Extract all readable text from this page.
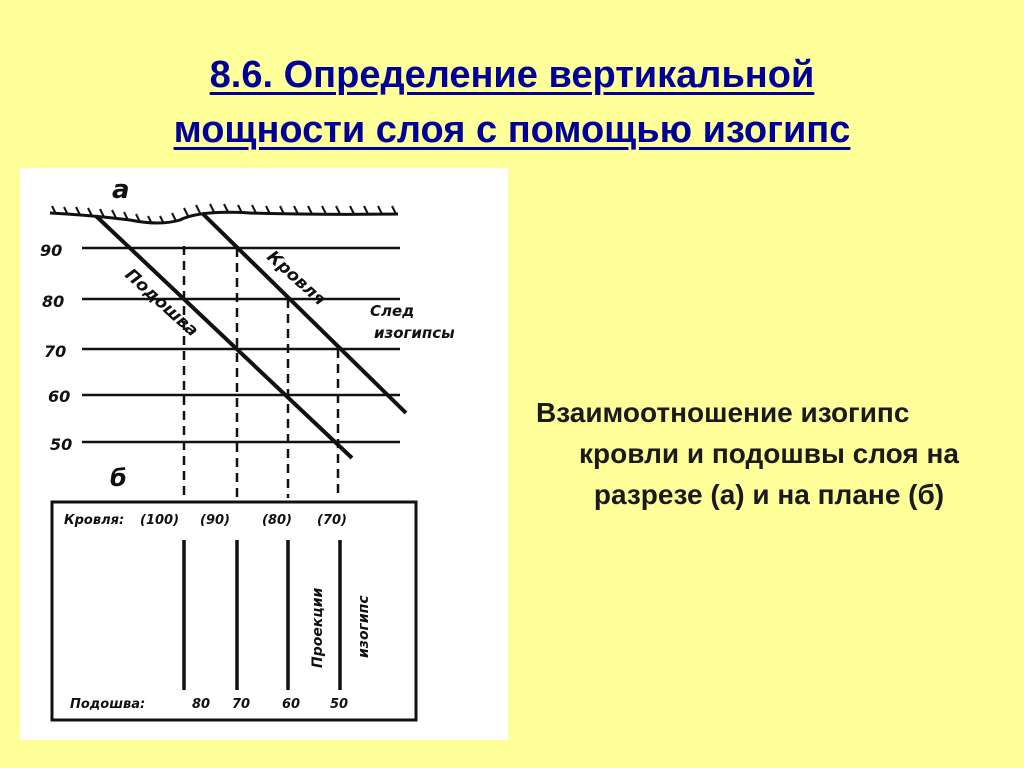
8.6. Определение вертикальной
мощности слоя с помощью изогипс
а
90
80
70
60
50
Кровля
Подошва	След
изогипсы
б
Кровля: (100) (90) (80) (70)
Проекции изогипс
Подошва:	80 70 60 50
Взаимоотношение изогипс
кровли и подошвы слоя на
разрезе (а) и на плане (б)
